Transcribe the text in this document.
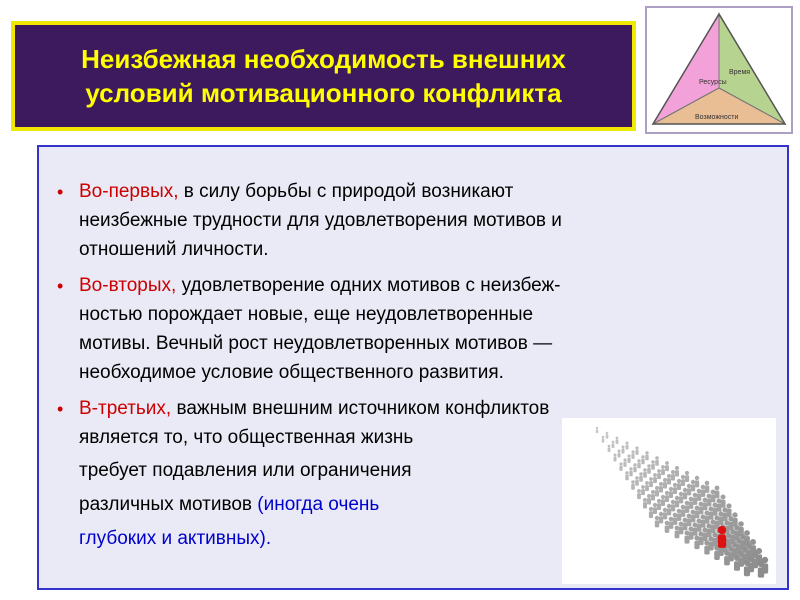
Неизбежная необходимость внешних
условий мотивационного конфликта	Ресурсы
Время
Возможности
• Во-первых, в силу борьбы с природой возникают
неизбежные трудности для удовлетворения мотивов и
отношений личности.
• Во-вторых, удовлетворение одних мотивов с неизбеж-
ностью порождает новые, еще неудовлетворенные
мотивы. Вечный рост неудовлетворенных мотивов —
необходимое условие общественного развития.
• В-третьих, важным внешним источником конфликтов
является то, что общественная жизнь
требует подавления или ограничения
различных мотивов (иногда очень
глубоких и активных).
